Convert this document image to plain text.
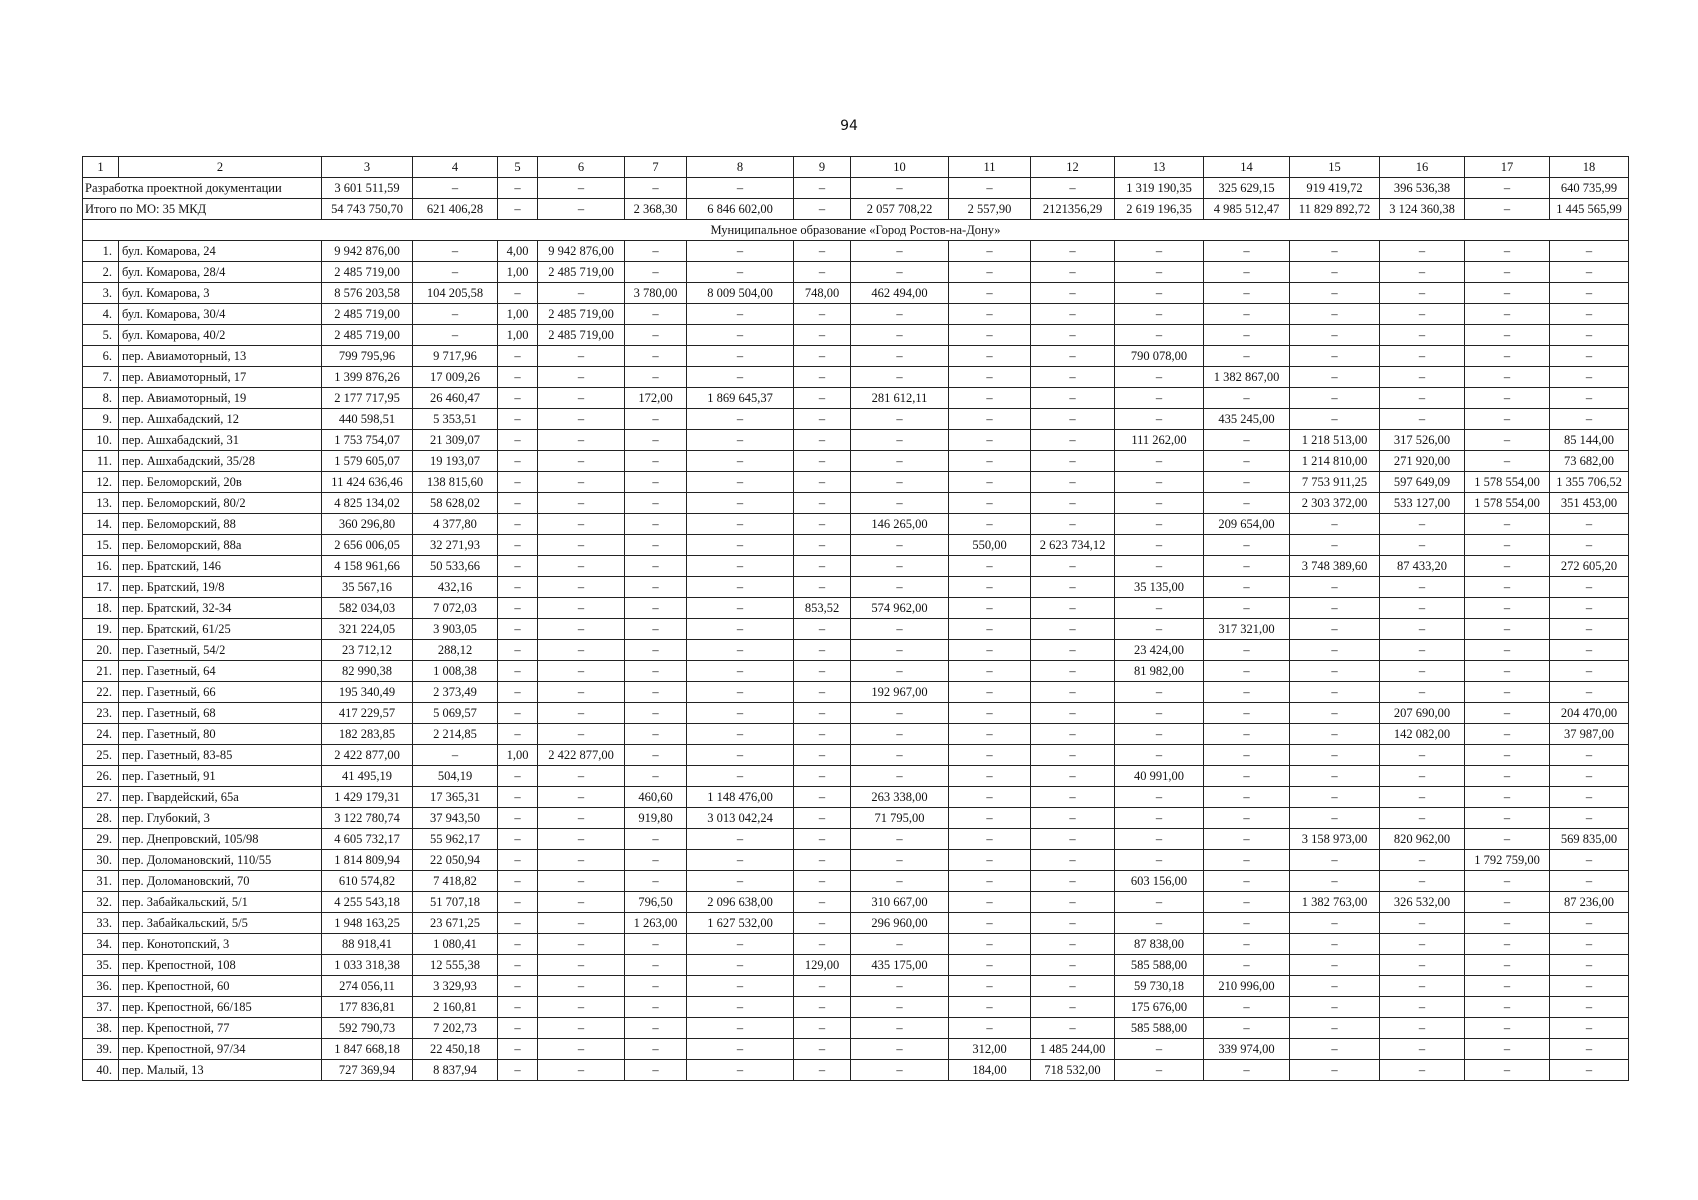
94
1	2	3	4	5	6	7	8	9	10	11	12	13	14	15	16	17	18
Разработка проектной документации		3 601 511,59	–	–	–	–	–	–	–	–	–	1 319 190,35	325 629,15	919 419,72	396 536,38	–	640 735,99
Итого по МО: 35 МКД		54 743 750,70	621 406,28	–	–	2 368,30	6 846 602,00	–	2 057 708,22	2 557,90	2121356,29	2 619 196,35	4 985 512,47	11 829 892,72	3 124 360,38	–	1 445 565,99
Муниципальное образование «Город Ростов-на-Дону»																	
1.	бул. Комарова, 24	9 942 876,00	–	4,00	9 942 876,00	–	–	–	–	–	–	–	–	–	–	–	–
2.	бул. Комарова, 28/4	2 485 719,00	–	1,00	2 485 719,00	–	–	–	–	–	–	–	–	–	–	–	–
3.	бул. Комарова, 3	8 576 203,58	104 205,58	–	–	3 780,00	8 009 504,00	748,00	462 494,00	–	–	–	–	–	–	–	–
4.	бул. Комарова, 30/4	2 485 719,00	–	1,00	2 485 719,00	–	–	–	–	–	–	–	–	–	–	–	–
5.	бул. Комарова, 40/2	2 485 719,00	–	1,00	2 485 719,00	–	–	–	–	–	–	–	–	–	–	–	–
6.	пер. Авиамоторный, 13	799 795,96	9 717,96	–	–	–	–	–	–	–	–	790 078,00	–	–	–	–	–
7.	пер. Авиамоторный, 17	1 399 876,26	17 009,26	–	–	–	–	–	–	–	–	–	1 382 867,00	–	–	–	–
8.	пер. Авиамоторный, 19	2 177 717,95	26 460,47	–	–	172,00	1 869 645,37	–	281 612,11	–	–	–	–	–	–	–	–
9.	пер. Ашхабадский, 12	440 598,51	5 353,51	–	–	–	–	–	–	–	–	–	435 245,00	–	–	–	–
10.	пер. Ашхабадский, 31	1 753 754,07	21 309,07	–	–	–	–	–	–	–	–	111 262,00	–	1 218 513,00	317 526,00	–	85 144,00
11.	пер. Ашхабадский, 35/28	1 579 605,07	19 193,07	–	–	–	–	–	–	–	–	–	–	1 214 810,00	271 920,00	–	73 682,00
12.	пер. Беломорский, 20в	11 424 636,46	138 815,60	–	–	–	–	–	–	–	–	–	–	7 753 911,25	597 649,09	1 578 554,00	1 355 706,52
13.	пер. Беломорский, 80/2	4 825 134,02	58 628,02	–	–	–	–	–	–	–	–	–	–	2 303 372,00	533 127,00	1 578 554,00	351 453,00
14.	пер. Беломорский, 88	360 296,80	4 377,80	–	–	–	–	–	146 265,00	–	–	–	209 654,00	–	–	–	–
15.	пер. Беломорский, 88а	2 656 006,05	32 271,93	–	–	–	–	–	–	550,00	2 623 734,12	–	–	–	–	–	–
16.	пер. Братский, 146	4 158 961,66	50 533,66	–	–	–	–	–	–	–	–	–	–	3 748 389,60	87 433,20	–	272 605,20
17.	пер. Братский, 19/8	35 567,16	432,16	–	–	–	–	–	–	–	–	35 135,00	–	–	–	–	–
18.	пер. Братский, 32-34	582 034,03	7 072,03	–	–	–	–	853,52	574 962,00	–	–	–	–	–	–	–	–
19.	пер. Братский, 61/25	321 224,05	3 903,05	–	–	–	–	–	–	–	–	–	317 321,00	–	–	–	–
20.	пер. Газетный, 54/2	23 712,12	288,12	–	–	–	–	–	–	–	–	23 424,00	–	–	–	–	–
21.	пер. Газетный, 64	82 990,38	1 008,38	–	–	–	–	–	–	–	–	81 982,00	–	–	–	–	–
22.	пер. Газетный, 66	195 340,49	2 373,49	–	–	–	–	–	192 967,00	–	–	–	–	–	–	–	–
23.	пер. Газетный, 68	417 229,57	5 069,57	–	–	–	–	–	–	–	–	–	–	–	207 690,00	–	204 470,00
24.	пер. Газетный, 80	182 283,85	2 214,85	–	–	–	–	–	–	–	–	–	–	–	142 082,00	–	37 987,00
25.	пер. Газетный, 83-85	2 422 877,00	–	1,00	2 422 877,00	–	–	–	–	–	–	–	–	–	–	–	–
26.	пер. Газетный, 91	41 495,19	504,19	–	–	–	–	–	–	–	–	40 991,00	–	–	–	–	–
27.	пер. Гвардейский, 65а	1 429 179,31	17 365,31	–	–	460,60	1 148 476,00	–	263 338,00	–	–	–	–	–	–	–	–
28.	пер. Глубокий, 3	3 122 780,74	37 943,50	–	–	919,80	3 013 042,24	–	71 795,00	–	–	–	–	–	–	–	–
29.	пер. Днепровский, 105/98	4 605 732,17	55 962,17	–	–	–	–	–	–	–	–	–	–	3 158 973,00	820 962,00	–	569 835,00
30.	пер. Доломановский, 110/55	1 814 809,94	22 050,94	–	–	–	–	–	–	–	–	–	–	–	–	1 792 759,00	–
31.	пер. Доломановский, 70	610 574,82	7 418,82	–	–	–	–	–	–	–	–	603 156,00	–	–	–	–	–
32.	пер. Забайкальский, 5/1	4 255 543,18	51 707,18	–	–	796,50	2 096 638,00	–	310 667,00	–	–	–	–	1 382 763,00	326 532,00	–	87 236,00
33.	пер. Забайкальский, 5/5	1 948 163,25	23 671,25	–	–	1 263,00	1 627 532,00	–	296 960,00	–	–	–	–	–	–	–	–
34.	пер. Конотопский, 3	88 918,41	1 080,41	–	–	–	–	–	–	–	–	87 838,00	–	–	–	–	–
35.	пер. Крепостной, 108	1 033 318,38	12 555,38	–	–	–	–	129,00	435 175,00	–	–	585 588,00	–	–	–	–	–
36.	пер. Крепостной, 60	274 056,11	3 329,93	–	–	–	–	–	–	–	–	59 730,18	210 996,00	–	–	–	–
37.	пер. Крепостной, 66/185	177 836,81	2 160,81	–	–	–	–	–	–	–	–	175 676,00	–	–	–	–	–
38.	пер. Крепостной, 77	592 790,73	7 202,73	–	–	–	–	–	–	–	–	585 588,00	–	–	–	–	–
39.	пер. Крепостной, 97/34	1 847 668,18	22 450,18	–	–	–	–	–	–	312,00	1 485 244,00	–	339 974,00	–	–	–	–
40.	пер. Малый, 13	727 369,94	8 837,94	–	–	–	–	–	–	184,00	718 532,00	–	–	–	–	–	–
